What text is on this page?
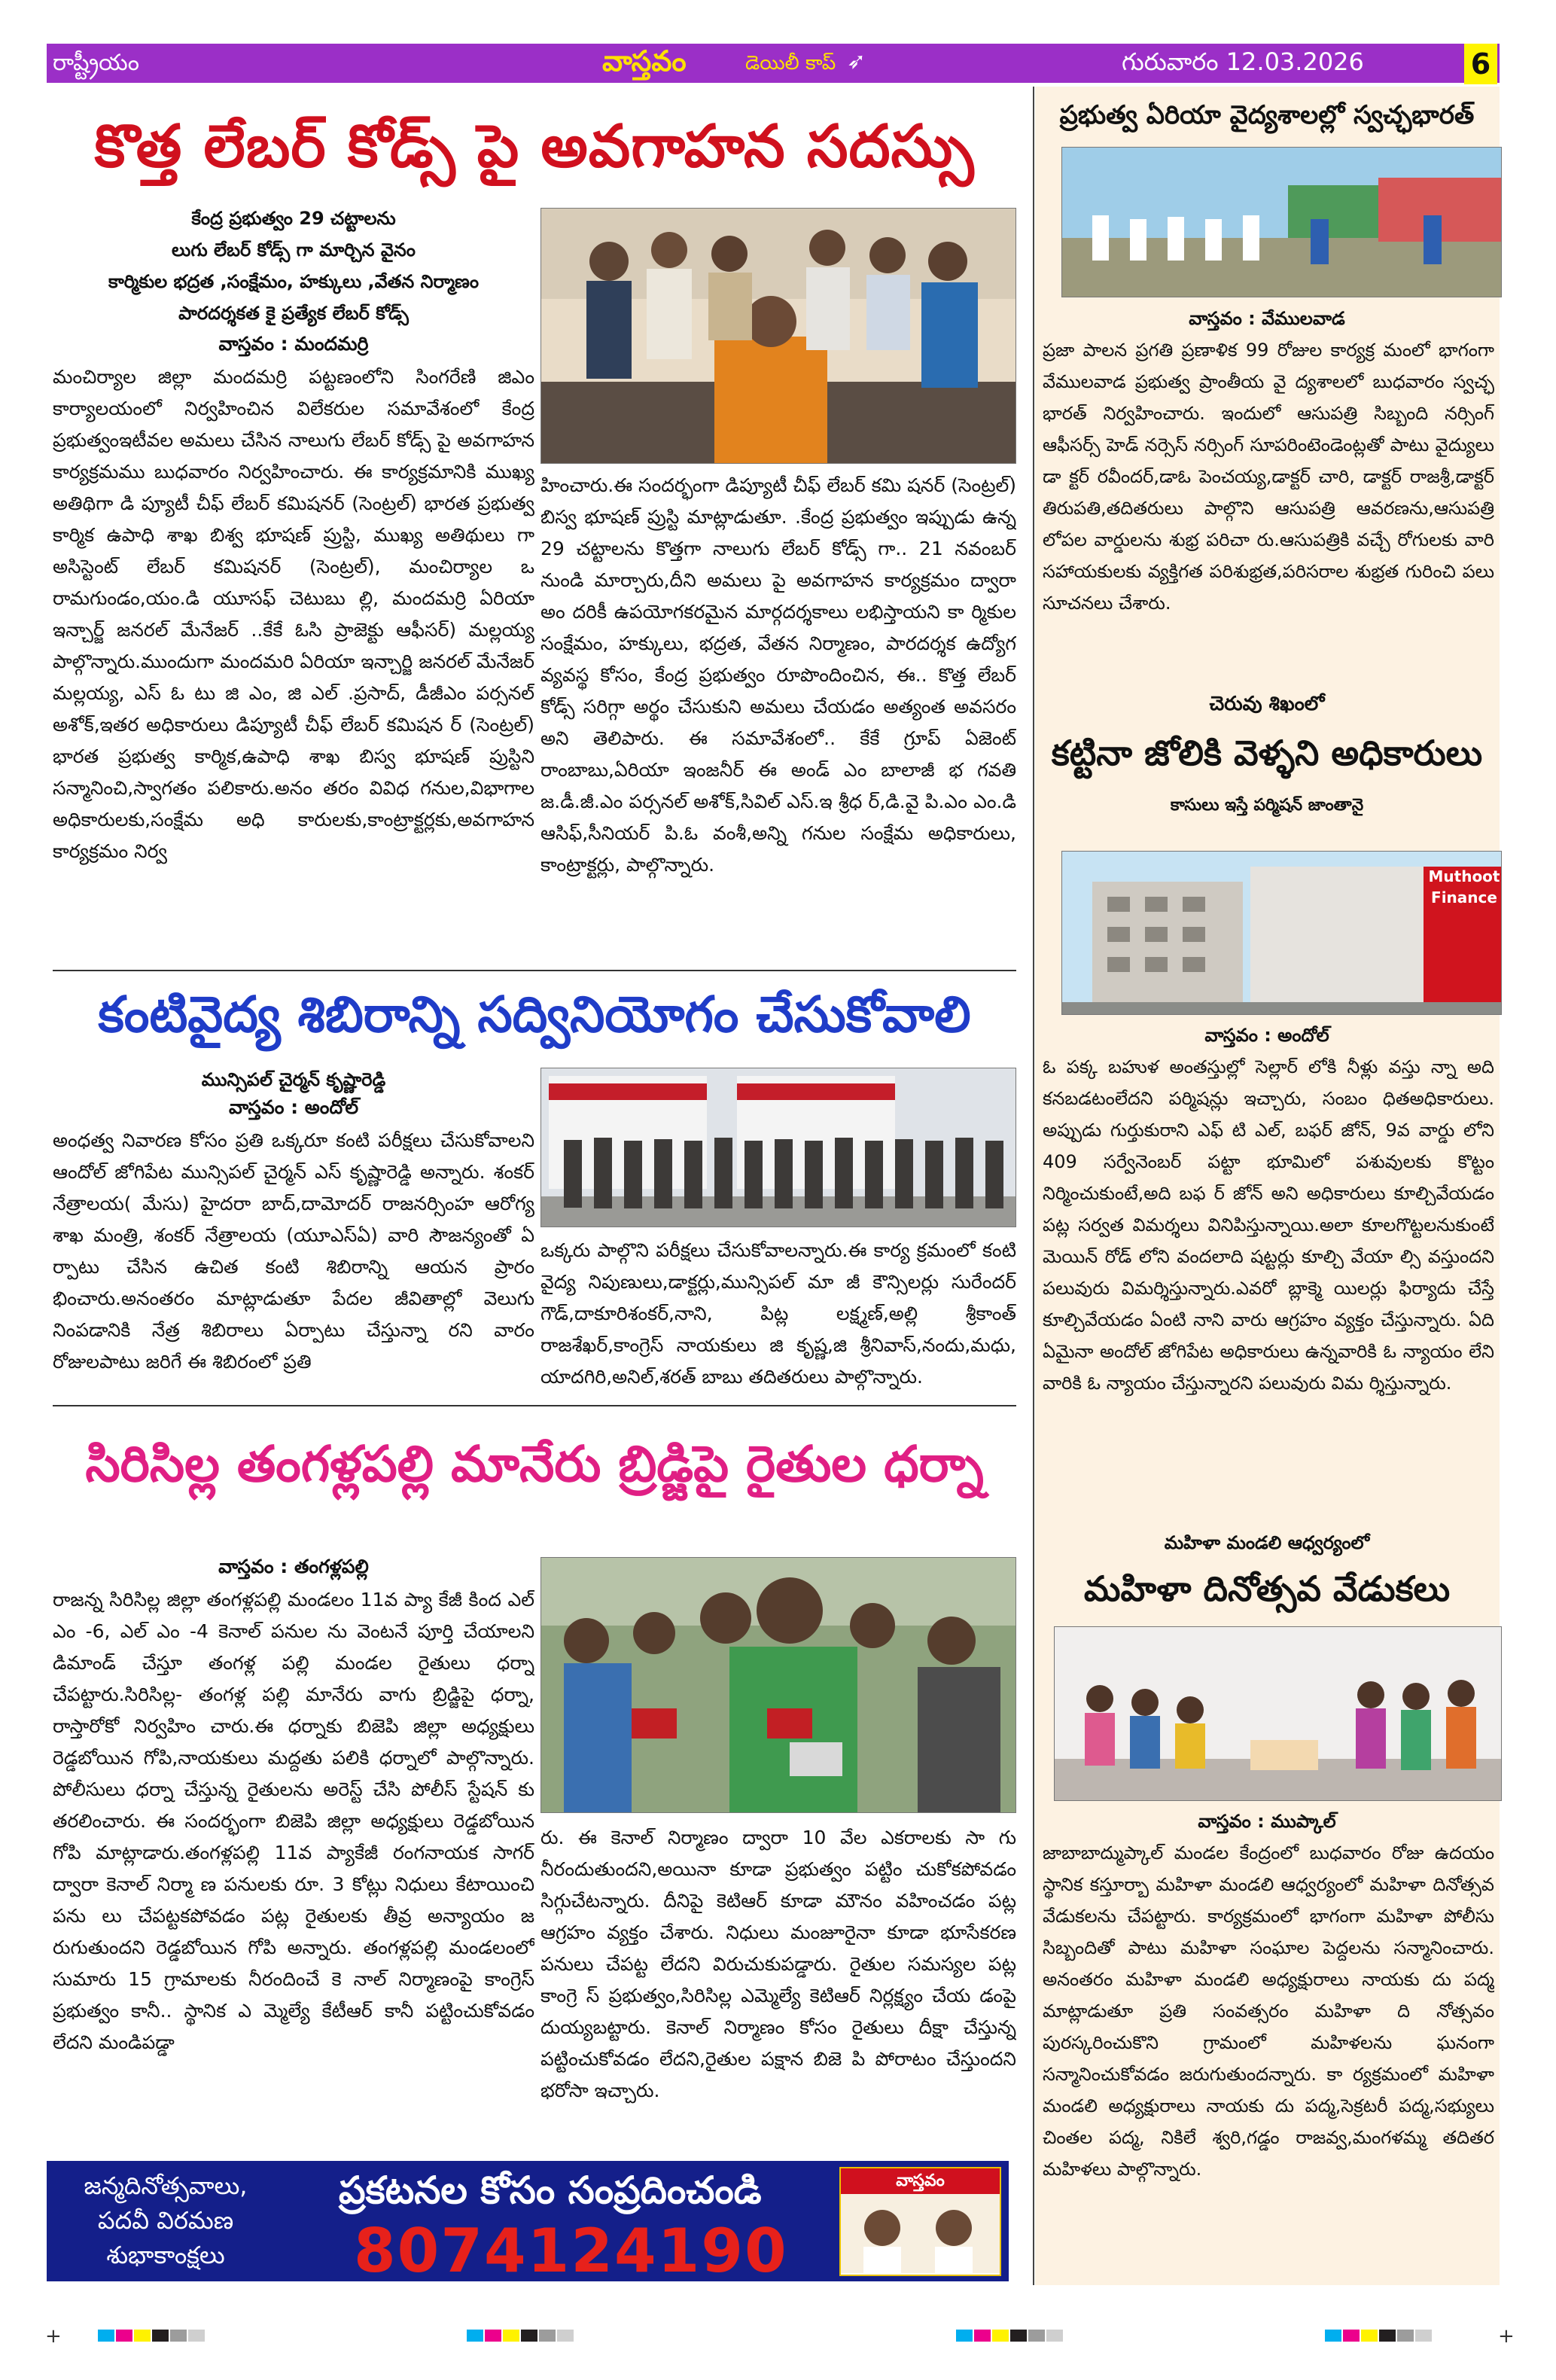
రాష్ట్రీయం	వాస్తవం	డెయిలీ కాప్ ➶	గురువారం 12.03.2026	6
కొత్త లేబర్ కోడ్స్ పై అవగాహన సదస్సు
కేంద్ర ప్రభుత్వం 29 చట్టాలను
లుగు లేబర్ కోడ్స్ గా మార్చిన వైనం
కార్మికుల భద్రత ,సంక్షేమం, హక్కులు ,వేతన నిర్మాణం
పారదర్శకత కై ప్రత్యేక లేబర్ కోడ్స్
వాస్తవం : మందమర్రి
మంచిర్యాల జిల్లా మందమర్రి పట్టణంలోని సింగరేణి జిఎం కార్యాలయంలో నిర్వహించిన విలేకరుల సమావేశంలో కేంద్ర ప్రభుత్వంఇటీవల అమలు చేసిన నాలుగు లేబర్ కోడ్స్ పై అవగాహన కార్యక్రమము బుధవారం నిర్వహించారు. ఈ కార్యక్రమానికి ముఖ్య అతిథిగా డి ప్యూటీ చీఫ్ లేబర్ కమిషనర్ (సెంట్రల్) భారత ప్రభుత్వ కార్మిక ఉపాధి శాఖ బిశ్వ భూషణ్ ప్రుస్టి, ముఖ్య అతిథులు గా అసిస్టెంట్ లేబర్ కమిషనర్ (సెంట్రల్), మంచిర్యాల ఒ రామగుండం,యం.డి యూసఫ్ చెటుబు ల్లి, మందమర్రి ఏరియా ఇన్చార్జ్ జనరల్ మేనేజర్ ..కేకే ఓసి ప్రాజెక్టు ఆఫీసర్) మల్లయ్య పాల్గొన్నారు.ముందుగా మందమరి ఏరియా ఇన్చార్జి జనరల్ మేనేజర్ మల్లయ్య, ఎస్ ఓ టు జి ఎం, జి ఎల్ .ప్రసాద్, డీజీఎం పర్సనల్ అశోక్,ఇతర అధికారులు డిప్యూటీ చీఫ్ లేబర్ కమిషన ర్ (సెంట్రల్) భారత ప్రభుత్వ కార్మిక,ఉపాధి శాఖ బిస్వ భూషణ్ ప్రుస్టిని సన్మానించి,స్వాగతం పలికారు.అనం తరం వివిధ గనుల,విభాగాల అధికారులకు,సంక్షేమ అధి కారులకు,కాంట్రాక్టర్లకు,అవగాహన కార్యక్రమం నిర్వ
హించారు.ఈ సందర్భంగా డిప్యూటీ చీఫ్ లేబర్ కమి షనర్ (సెంట్రల్) బిస్వ భూషణ్ ప్రుస్టి మాట్లాడుతూ. .కేంద్ర ప్రభుత్వం ఇప్పుడు ఉన్న 29 చట్టాలను కొత్తగా నాలుగు లేబర్ కోడ్స్ గా.. 21 నవంబర్ నుండి మార్చారు,దీని అమలు పై అవగాహన కార్యక్రమం ద్వారా అం దరికీ ఉపయోగకరమైన మార్గదర్శకాలు లభిస్తాయని కా ర్మికుల సంక్షేమం, హక్కులు, భద్రత, వేతన నిర్మాణం, పారదర్శక ఉద్యోగ వ్యవస్థ కోసం, కేంద్ర ప్రభుత్వం రూపొందించిన, ఈ.. కొత్త లేబర్ కోడ్స్ సరిగ్గా అర్థం చేసుకుని అమలు చేయడం అత్యంత అవసరం అని తెలిపారు. ఈ సమావేశంలో.. కేకే గ్రూప్ ఏజెంట్ రాంబాబు,ఏరియా ఇంజనీర్ ఈ అండ్ ఎం బాలాజీ భ గవతి జ.డీ.జీ.ఎం పర్సనల్ అశోక్,సివిల్ ఎస్.ఇ శ్రీధ ర్,డి.వై పి.ఎం ఎం.డి ఆసిఫ్,సీనియర్ పి.ఓ వంశీ,అన్ని గనుల సంక్షేమ అధికారులు, కాంట్రాక్టర్లు, పాల్గొన్నారు.
కంటివైద్య శిబిరాన్ని సద్వినియోగం చేసుకోవాలి
మున్సిపల్ చైర్మన్ కృష్ణారెడ్డి
వాస్తవం : అందోల్
అంధత్వ నివారణ కోసం ప్రతి ఒక్కరూ కంటి పరీక్షలు చేసుకోవాలని ఆందోల్ జోగిపేట మున్సిపల్ చైర్మన్ ఎస్ కృష్ణారెడ్డి అన్నారు. శంకర్ నేత్రాలయ( మేసు) హైదరా బాద్,దామోదర్ రాజనర్సింహ ఆరోగ్య శాఖ మంత్రి, శంకర్ నేత్రాలయ (యూఎస్ఏ) వారి సౌజన్యంతో ఏ ర్పాటు చేసిన ఉచిత కంటి శిబిరాన్ని ఆయన ప్రారం భించారు.అనంతరం మాట్లాడుతూ పేదల జీవితాల్లో వెలుగు నింపడానికి నేత్ర శిబిరాలు ఏర్పాటు చేస్తున్నా రని వారం రోజులపాటు జరిగే ఈ శిబిరంలో ప్రతి
ఒక్కరు పాల్గొని పరీక్షలు చేసుకోవాలన్నారు.ఈ కార్య క్రమంలో కంటి వైద్య నిపుణులు,డాక్టర్లు,మున్సిపల్ మా జీ కౌన్సిలర్లు సురేందర్ గౌడ్,దాకూరిశంకర్,నాని, పిట్ల లక్ష్మణ్,అల్లి శ్రీకాంత్ రాజశేఖర్,కాంగ్రెస్ నాయకులు జి కృష్ణ,జి శ్రీనివాస్,నందు,మధు, యాదగిరి,అనిల్,శరత్ బాబు తదితరులు పాల్గొన్నారు.
సిరిసిల్ల తంగళ్లపల్లి మానేరు బ్రిడ్జిపై రైతుల ధర్నా
వాస్తవం : తంగళ్లపల్లి
రాజన్న సిరిసిల్ల జిల్లా తంగళ్లపల్లి మండలం 11వ ప్యా కేజీ కింద ఎల్ ఎం -6, ఎల్ ఎం -4 కెనాల్ పనుల ను వెంటనే పూర్తి చేయాలని డిమాండ్ చేస్తూ తంగళ్ల పల్లి మండల రైతులు ధర్నా చేపట్టారు.సిరిసిల్ల- తంగళ్ల పల్లి మానేరు వాగు బ్రిడ్జిపై ధర్నా, రాస్తారోకో నిర్వహిం చారు.ఈ ధర్నాకు బిజెపి జిల్లా అధ్యక్షులు రెడ్డబోయిన గోపి,నాయకులు మద్దతు పలికి ధర్నాలో పాల్గొన్నారు. పోలీసులు ధర్నా చేస్తున్న రైతులను అరెస్ట్ చేసి పోలీస్ స్టేషన్ కు తరలించారు. ఈ సందర్భంగా బిజెపి జిల్లా అధ్యక్షులు రెడ్డబోయిన గోపి మాట్లాడారు.తంగళ్లపల్లి 11వ ప్యాకేజీ రంగనాయక సాగర్ ద్వారా కెనాల్ నిర్మా ణ పనులకు రూ. 3 కోట్లు నిధులు కేటాయించి పను లు చేపట్టకపోవడం పట్ల రైతులకు తీవ్ర అన్యాయం జ రుగుతుందని రెడ్డబోయిన గోపి అన్నారు. తంగళ్లపల్లి మండలంలో సుమారు 15 గ్రామాలకు నీరందించే కె నాల్ నిర్మాణంపై కాంగ్రెస్ ప్రభుత్వం కానీ.. స్థానిక ఎ మ్మెల్యే కేటీఆర్ కానీ పట్టించుకోవడం లేదని మండిపడ్డా
రు. ఈ కెనాల్ నిర్మాణం ద్వారా 10 వేల ఎకరాలకు సా గు నీరందుతుందని,అయినా కూడా ప్రభుత్వం పట్టిం చుకోకపోవడం సిగ్గుచేటన్నారు. దీనిపై కెటిఆర్ కూడా మౌనం వహించడం పట్ల ఆగ్రహం వ్యక్తం చేశారు. నిధులు మంజూరైనా కూడా భూసేకరణ పనులు చేపట్ట లేదని విరుచుకుపడ్డారు. రైతుల సమస్యల పట్ల కాంగ్రె స్ ప్రభుత్వం,సిరిసిల్ల ఎమ్మెల్యే కెటిఆర్ నిర్లక్ష్యం చేయ డంపై దుయ్యబట్టారు. కెనాల్ నిర్మాణం కోసం రైతులు దీక్షా చేస్తున్న పట్టించుకోవడం లేదని,రైతుల పక్షాన బిజె పి పోరాటం చేస్తుందని భరోసా ఇచ్చారు.
జన్మదినోత్సవాలు,
పదవీ విరమణ
శుభాకాంక్షలు
ప్రకటనల కోసం సంప్రదించండి
8074124190
వాస్తవం
ప్రభుత్వ ఏరియా వైద్యశాలల్లో స్వచ్ఛభారత్
వాస్తవం : వేములవాడ
ప్రజా పాలన ప్రగతి ప్రణాళిక 99 రోజుల కార్యక్ర మంలో భాగంగా వేములవాడ ప్రభుత్వ ప్రాంతీయ వై ద్యశాలలో బుధవారం స్వచ్ఛ భారత్ నిర్వహించారు. ఇందులో ఆసుపత్రి సిబ్బంది నర్సింగ్ ఆఫీసర్స్ హెడ్ నర్సెస్ నర్సింగ్ సూపరింటెండెంట్లతో పాటు వైద్యులు డా క్టర్ రవీందర్,డాఓ పెంచయ్య,డాక్టర్ చారి, డాక్టర్ రాజశ్రీ,డాక్టర్ తిరుపతి,తదితరులు పాల్గొని ఆసుపత్రి ఆవరణను,ఆసుపత్రి లోపల వార్డులను శుభ్ర పరిచా రు.ఆసుపత్రికి వచ్చే రోగులకు వారి సహాయకులకు వ్యక్తిగత పరిశుభ్రత,పరిసరాల శుభ్రత గురించి పలు సూచనలు చేశారు.
చెరువు శిఖంలో
కట్టినా జోలికి వెళ్ళని అధికారులు
కాసులు ఇస్తే పర్మిషన్ జాంతానై
Muthoot Finance
వాస్తవం : అందోల్
ఓ పక్క బహుళ అంతస్తుల్లో సెల్లార్ లోకి నీళ్లు వస్తు న్నా అది కనబడటంలేదని పర్మిషన్లు ఇచ్చారు, సంబం ధితఅధికారులు. అప్పుడు గుర్తుకురాని ఎఫ్ టి ఎల్, బఫర్ జోన్, 9వ వార్డు లోని 409 సర్వేనెంబర్ పట్టా భూమిలో పశువులకు కొట్టం నిర్మించుకుంటే,అది బఫ ర్ జోన్ అని అధికారులు కూల్చివేయడం పట్ల సర్వత విమర్శలు వినిపిస్తున్నాయి.అలా కూలగొట్టలనుకుంటే మెయిన్ రోడ్ లోని వందలాది షట్టర్లు కూల్చి వేయా ల్సి వస్తుందని పలువురు విమర్శిస్తున్నారు.ఎవరో బ్లాక్మె యిలర్లు ఫిర్యాదు చేస్తే కూల్చివేయడం ఏంటి నాని వారు ఆగ్రహం వ్యక్తం చేస్తున్నారు. ఏది ఏమైనా అందోల్ జోగిపేట అధికారులు ఉన్నవారికి ఓ న్యాయం లేని వారికి ఓ న్యాయం చేస్తున్నారని పలువురు విమ ర్శిస్తున్నారు.
మహిళా మండలి ఆధ్వర్యంలో
మహిళా దినోత్సవ వేడుకలు
వాస్తవం : ముప్కాల్
జాబాబాద్ముప్కాల్ మండల కేంద్రంలో బుధవారం రోజు ఉదయం స్థానిక కస్తూర్బా మహిళా మండలి ఆధ్వర్యంలో మహిళా దినోత్సవ వేడుకలను చేపట్టారు. కార్యక్రమంలో భాగంగా మహిళా పోలీసు సిబ్బందితో పాటు మహిళా సంఘాల పెద్దలను సన్మానించారు. అనంతరం మహిళా మండలి అధ్యక్షురాలు నాయకు దు పద్మ మాట్లాడుతూ ప్రతి సంవత్సరం మహిళా ది నోత్సవం పురస్కరించుకొని గ్రామంలో మహిళలను ఘనంగా సన్మానించుకోవడం జరుగుతుందన్నారు. కా ర్యక్రమంలో మహిళా మండలి అధ్యక్షురాలు నాయకు దు పద్మ,సెక్రటరీ పద్మ,సభ్యులు చింతల పద్మ, నికిలే శ్వరి,గడ్డం రాజవ్వ,మంగళమ్మ తదితర మహిళలు పాల్గొన్నారు.
+	+
